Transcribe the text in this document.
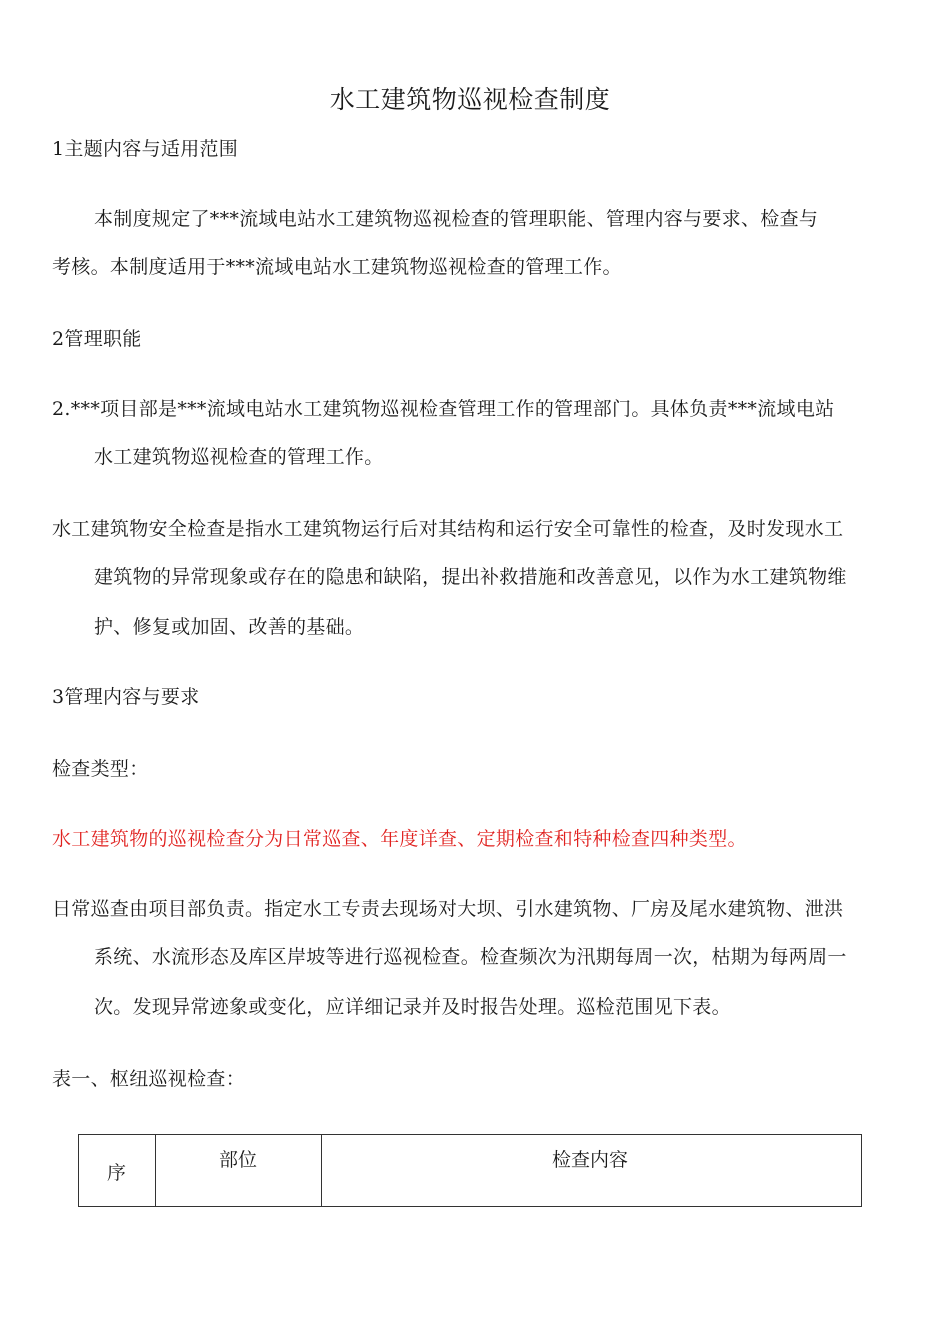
水工建筑物巡视检查制度
1主题内容与适用范围
本制度规定了***流域电站水工建筑物巡视检查的管理职能、管理内容与要求、检查与
考核。本制度适用于***流域电站水工建筑物巡视检查的管理工作。
2管理职能
2.***项目部是***流域电站水工建筑物巡视检查管理工作的管理部门。具体负责***流域电站
水工建筑物巡视检查的管理工作。
水工建筑物安全检查是指水工建筑物运行后对其结构和运行安全可靠性的检查，及时发现水工
建筑物的异常现象或存在的隐患和缺陷，提出补救措施和改善意见，以作为水工建筑物维
护、修复或加固、改善的基础。
3管理内容与要求
检查类型：
水工建筑物的巡视检查分为日常巡查、年度详查、定期检查和特种检查四种类型。
日常巡查由项目部负责。指定水工专责去现场对大坝、引水建筑物、厂房及尾水建筑物、泄洪
系统、水流形态及库区岸坡等进行巡视检查。检查频次为汛期每周一次，枯期为每两周一
次。发现异常迹象或变化，应详细记录并及时报告处理。巡检范围见下表。
表一、枢纽巡视检查：
序
部位	检查内容
